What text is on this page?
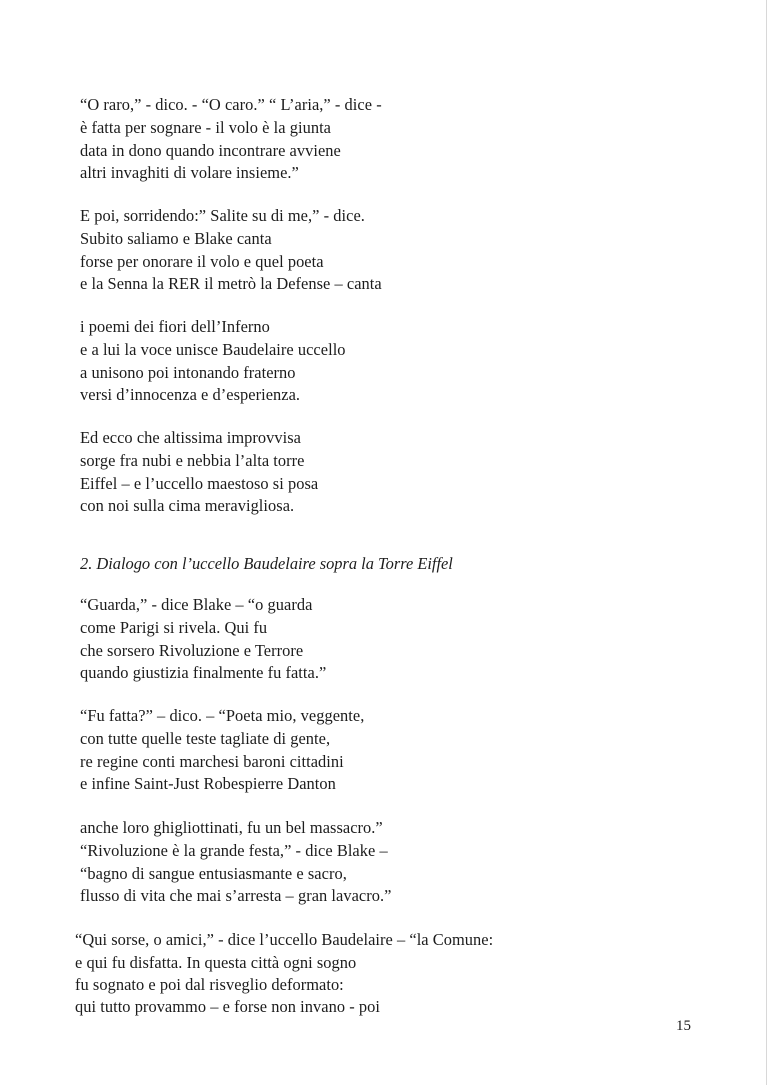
“O raro,” - dico. - “O caro.” “ L’aria,” - dice -
è fatta per sognare - il volo è la giunta
data in dono quando incontrare avviene
altri invaghiti di volare insieme.”
E poi, sorridendo:” Salite su di me,” - dice.
Subito saliamo e Blake canta
forse per onorare il volo e quel poeta
e la Senna la RER il metrò la Defense – canta
i poemi dei fiori dell’Inferno
e a lui la voce unisce Baudelaire uccello
a unisono poi intonando fraterno
versi d’innocenza e d’esperienza.
Ed ecco che altissima improvvisa
sorge fra nubi e nebbia l’alta torre
Eiffel – e l’uccello maestoso si posa
con noi sulla cima meravigliosa.
2. Dialogo con l’uccello Baudelaire sopra la Torre Eiffel
“Guarda,” - dice Blake – “o guarda
come Parigi si rivela. Qui fu
che sorsero Rivoluzione e Terrore
quando giustizia finalmente fu fatta.”
“Fu fatta?” – dico. – “Poeta mio, veggente,
con tutte quelle teste tagliate di gente,
re regine conti marchesi baroni cittadini
e infine Saint-Just Robespierre Danton
anche loro ghigliottinati, fu un bel massacro.”
“Rivoluzione è la grande festa,” - dice Blake –
“bagno di sangue entusiasmante e sacro,
flusso di vita che mai s’arresta – gran lavacro.”
“Qui sorse, o amici,” - dice l’uccello Baudelaire – “la Comune:
e qui fu disfatta. In questa città ogni sogno
fu sognato e poi dal risveglio deformato:
qui tutto provammo – e forse non invano - poi
15
